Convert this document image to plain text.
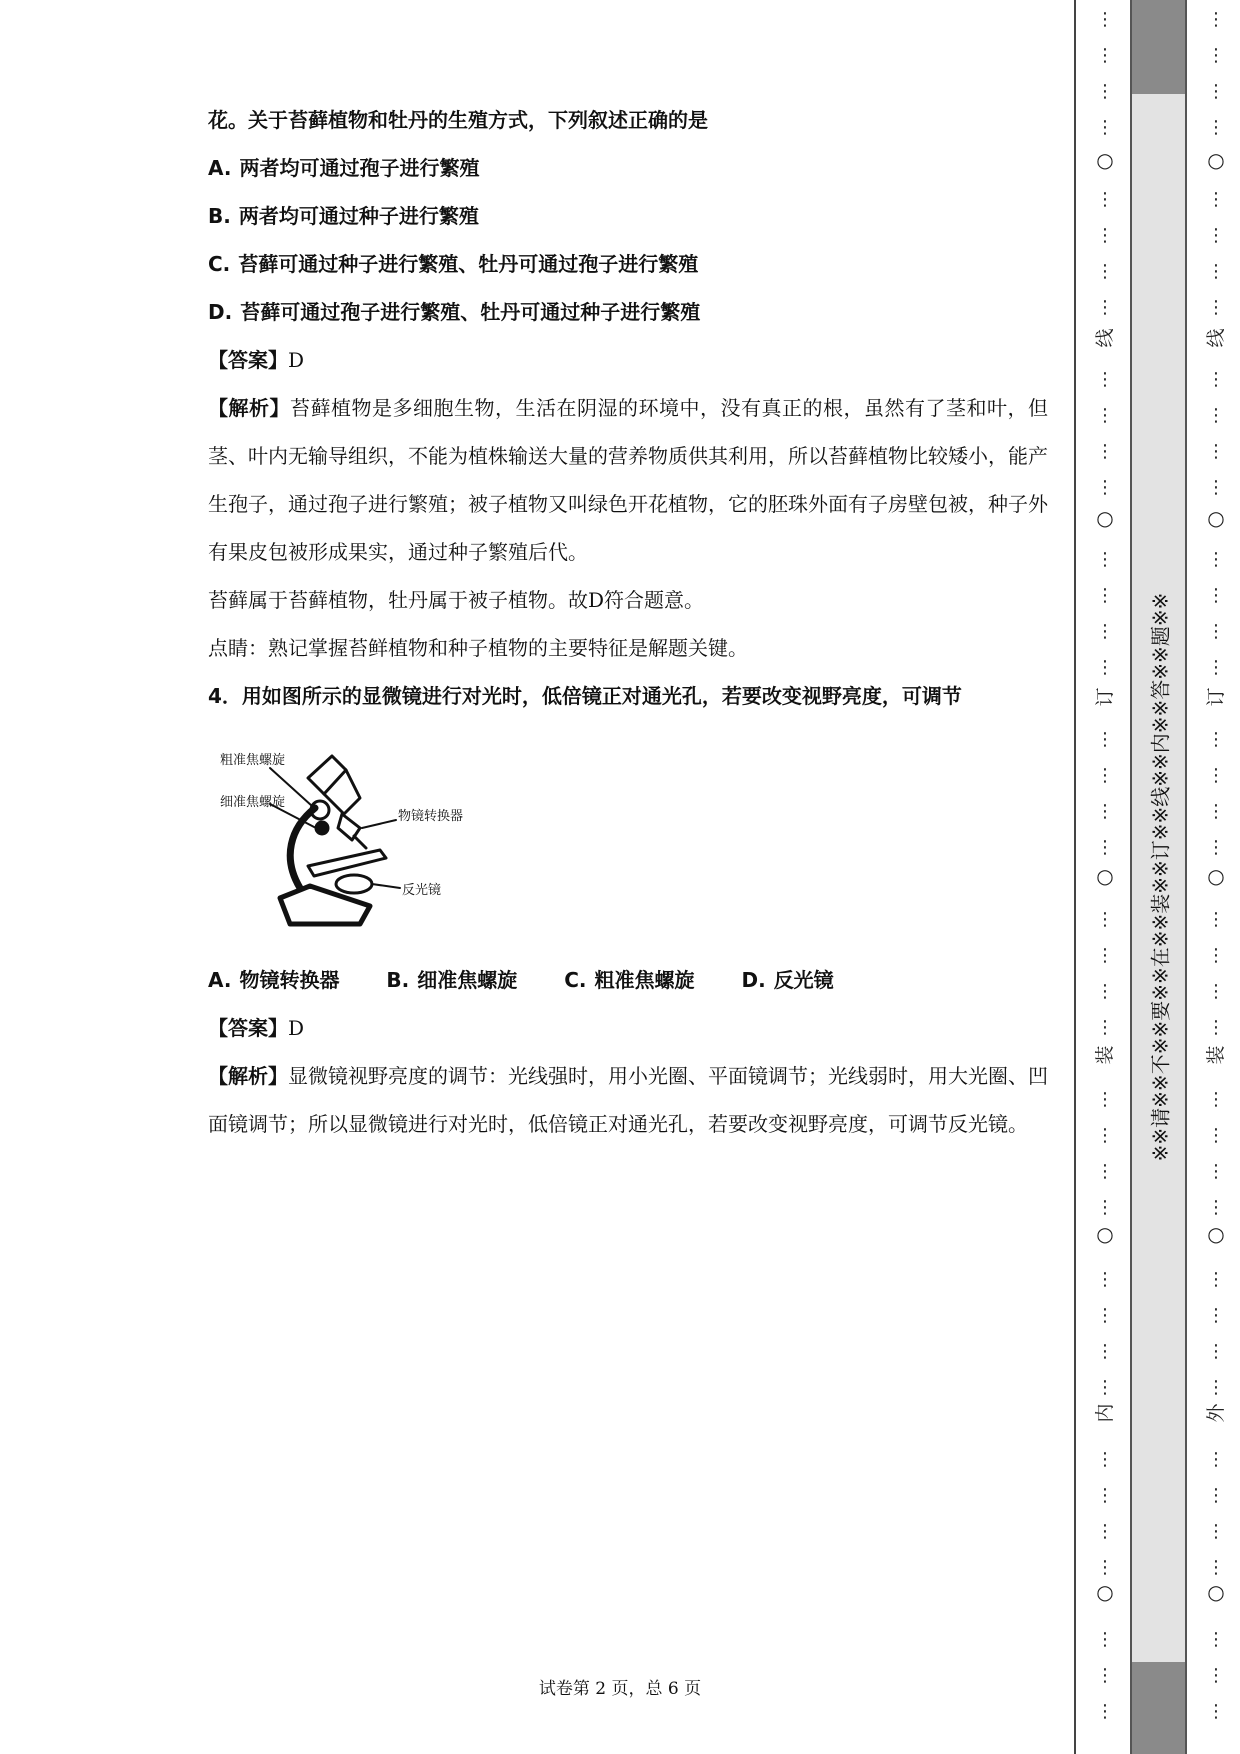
花。关于苔藓植物和牡丹的生殖方式，下列叙述正确的是
A. 两者均可通过孢子进行繁殖
B. 两者均可通过种子进行繁殖
C. 苔藓可通过种子进行繁殖、牡丹可通过孢子进行繁殖
D. 苔藓可通过孢子进行繁殖、牡丹可通过种子进行繁殖
【答案】D
【解析】苔藓植物是多细胞生物，生活在阴湿的环境中，没有真正的根，虽然有了茎和叶，但茎、叶内无输导组织，不能为植株输送大量的营养物质供其利用，所以苔藓植物比较矮小，能产生孢子，通过孢子进行繁殖；被子植物又叫绿色开花植物，它的胚珠外面有子房壁包被，种子外有果皮包被形成果实，通过种子繁殖后代。
苔藓属于苔藓植物，牡丹属于被子植物。故D符合题意。
点睛：熟记掌握苔鲜植物和种子植物的主要特征是解题关键。
4．用如图所示的显微镜进行对光时，低倍镜正对通光孔，若要改变视野亮度，可调节
粗准焦螺旋
细准焦螺旋
物镜转换器
反光镜
A. 物镜转换器 B. 细准焦螺旋 C. 粗准焦螺旋 D. 反光镜
【答案】D
【解析】显微镜视野亮度的调节：光线强时，用小光圈、平面镜调节；光线弱时，用大光圈、凹面镜调节；所以显微镜进行对光时，低倍镜正对通光孔，若要改变视野亮度，可调节反光镜。
试卷第 2 页，总 6 页
○
○
○
○
○
线
订
装
内
⋮
⋮
⋮
⋮
⋮
⋮
⋮
⋮
⋮
⋮
⋮
⋮
⋮
⋮
⋮
⋮
⋮
⋮
⋮
⋮
⋮
⋮
⋮
⋮
⋮
⋮
⋮
⋮
⋮
⋮
⋮
⋮
⋮
⋮
⋮
⋮
⋮
⋮
⋮
※※请※※不※※要※※在※※装※※订※※线※※内※※答※※题※※
○
○
○
○
○
线
订
装
外
⋮
⋮
⋮
⋮
⋮
⋮
⋮
⋮
⋮
⋮
⋮
⋮
⋮
⋮
⋮
⋮
⋮
⋮
⋮
⋮
⋮
⋮
⋮
⋮
⋮
⋮
⋮
⋮
⋮
⋮
⋮
⋮
⋮
⋮
⋮
⋮
⋮
⋮
⋮
